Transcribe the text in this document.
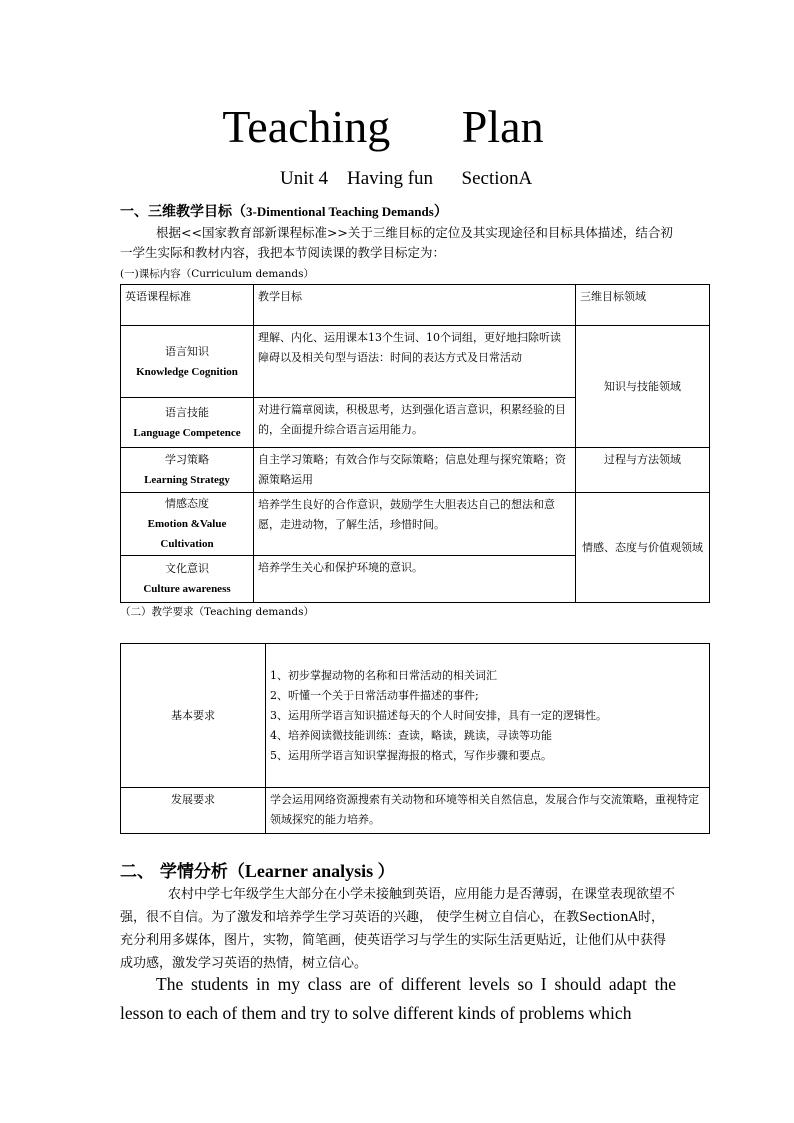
Teaching Plan
Unit 4    Having fun      SectionA
一、三维教学目标（3-Dimentional Teaching Demands）
根据<<国家教育部新课程标准>>关于三维目标的定位及其实现途径和目标具体描述，结合初一学生实际和教材内容，我把本节阅读课的教学目标定为：
(一)课标内容（Curriculum demands）
英语课程标准	教学目标	三维目标领域

语言知识
Knowledge Cognition	理解、内化、运用课本13个生词、10个词组，更好地扫除听读障碍以及相关句型与语法：时间的表达方式及日常活动	知识与技能领域

语言技能
Language Competence	对进行篇章阅读，积极思考，达到强化语言意识，积累经验的目的，全面提升综合语言运用能力。	

学习策略
Learning Strategy	自主学习策略；有效合作与交际策略；信息处理与探究策略；资源策略运用	过程与方法领域

情感态度
Emotion &Value
Cultivation	培养学生良好的合作意识，鼓励学生大胆表达自己的想法和意愿，走进动物，了解生活，珍惜时间。	情感、态度与价值观领域

文化意识
Culture awareness	培养学生关心和保护环境的意识。	
（二）教学要求（Teaching demands）
基本要求	1、初步掌握动物的名称和日常活动的相关词汇
2、听懂一个关于日常活动事件描述的事件;
3、运用所学语言知识描述每天的个人时间安排，具有一定的逻辑性。
4、培养阅读微技能训练：查读，略读，跳读，寻读等功能
5、运用所学语言知识掌握海报的格式，写作步骤和要点。

发展要求	学会运用网络资源搜索有关动物和环境等相关自然信息，发展合作与交流策略，重视特定领域探究的能力培养。
二、 学情分析（Learner analysis ）
农村中学七年级学生大部分在小学未接触到英语，应用能力是否薄弱，在课堂表现欲望不强，很不自信。为了激发和培养学生学习英语的兴趣， 使学生树立自信心，在教SectionA时，充分利用多媒体，图片，实物，简笔画，使英语学习与学生的实际生活更贴近，让他们从中获得成功感，激发学习英语的热情，树立信心。
The students in my class are of different levels so I should adapt the lesson to each of them and try to solve different kinds of problems which
